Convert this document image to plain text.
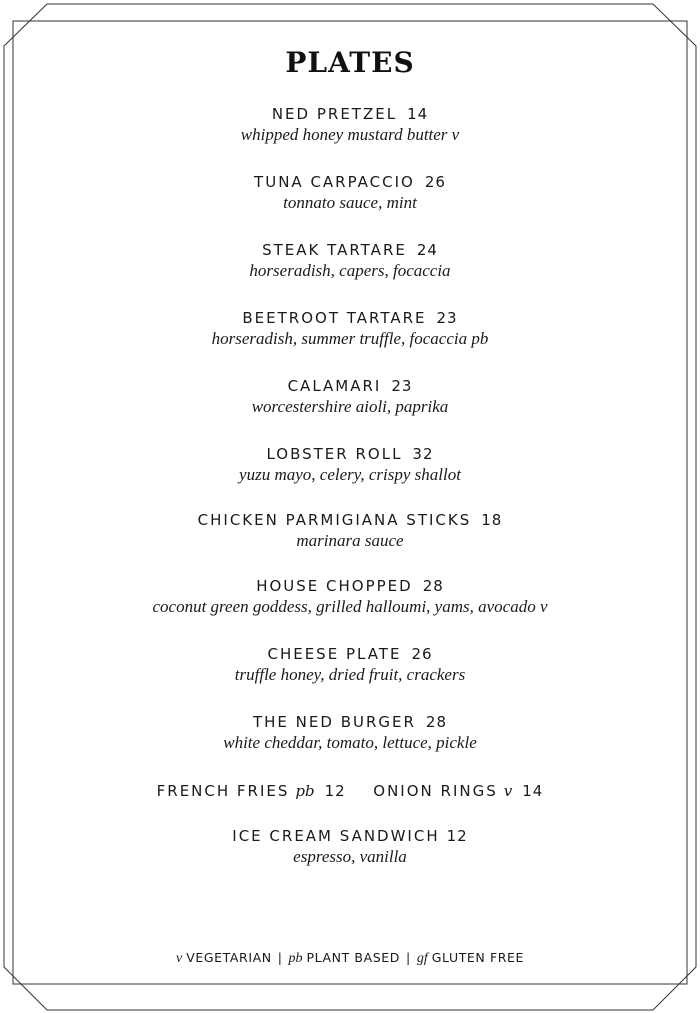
PLATES
NED PRETZEL 14
whipped honey mustard butter v
TUNA CARPACCIO 26
tonnato sauce, mint
STEAK TARTARE 24
horseradish, capers, focaccia
BEETROOT TARTARE 23
horseradish, summer truffle, focaccia pb
CALAMARI 23
worcestershire aioli, paprika
LOBSTER ROLL 32
yuzu mayo, celery, crispy shallot
CHICKEN PARMIGIANA STICKS 18
marinara sauce
HOUSE CHOPPED 28
coconut green goddess, grilled halloumi, yams, avocado v
CHEESE PLATE 26
truffle honey, dried fruit, crackers
THE NED BURGER 28
white cheddar, tomato, lettuce, pickle
FRENCH FRIES pb 12 ONION RINGS v 14
ICE CREAM SANDWICH 12
espresso, vanilla
v VEGETARIAN | pb PLANT BASED | gf GLUTEN FREE
